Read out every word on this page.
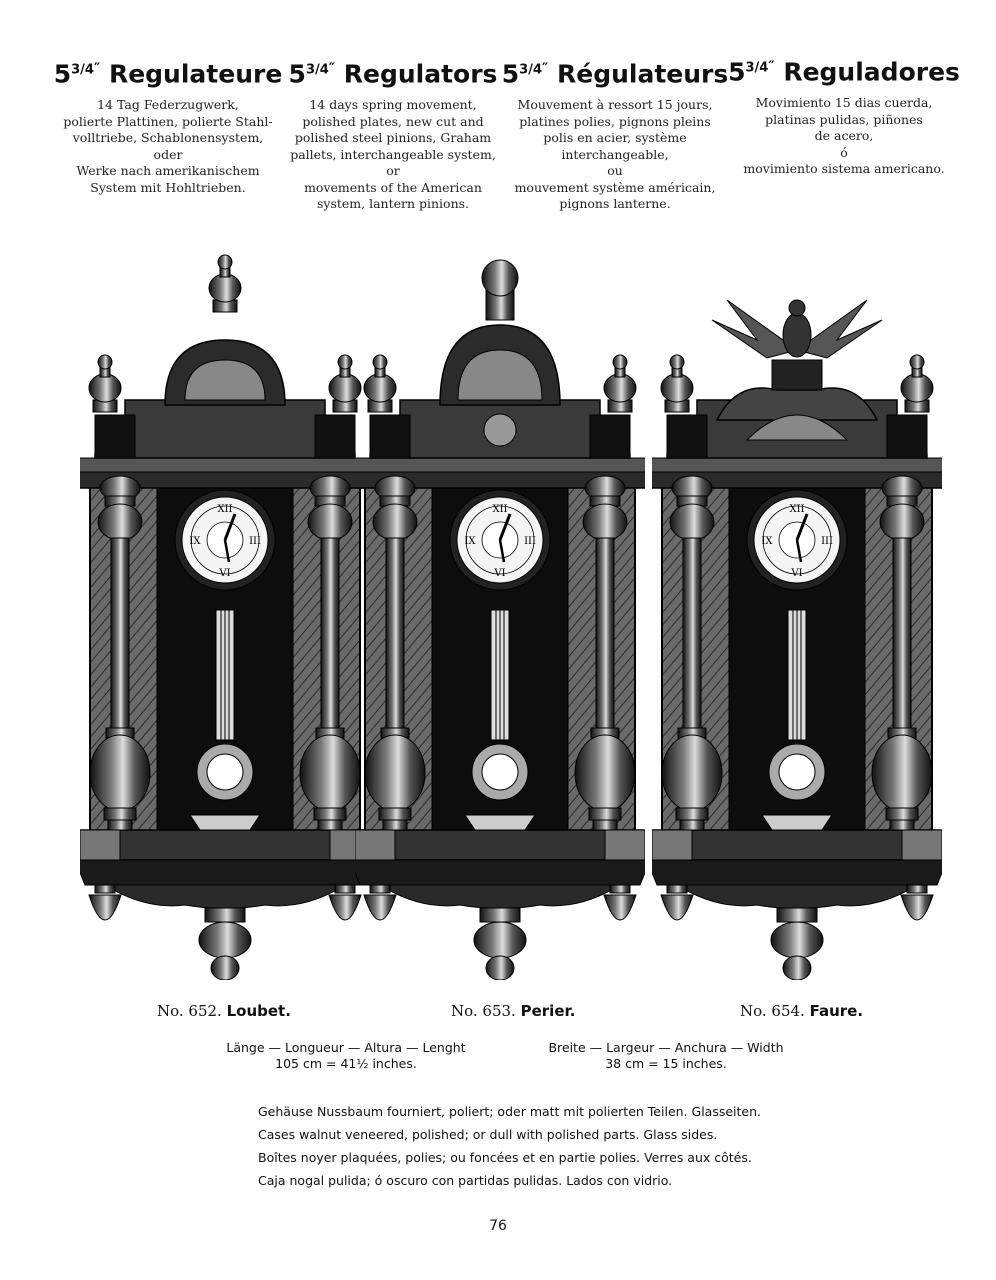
$5^{3/4''}$ Regulateure
14 Tag Federzugwerk,
polierte Plattinen, polierte Stahl-
volltriebe, Schablonensystem,
oder
Werke nach amerikanischem
System mit Hohltrieben.
$5^{3/4''}$ Regulators
14 days spring movement,
polished plates, new cut and
polished steel pinions, Graham
pallets, interchangeable system,
or
movements of the American
system, lantern pinions.
$5^{3/4''}$ Régulateurs
Mouvement à ressort 15 jours,
platines polies, pignons pleins
polis en acier, système
interchangeable,
ou
mouvement système américain,
pignons lanterne.
$5^{3/4''}$ Reguladores
Movimiento 15 dias cuerda,
platinas pulidas, piñones
de acero,
ó
movimiento sistema americano.
No. 652. Loubet.	No. 653. Perier.	No. 654. Faure.
Länge — Longueur — Altura — Lenght
105 cm = 41½ inches.
Breite — Largeur — Anchura — Width
38 cm = 15 inches.
Gehäuse Nussbaum fourniert, poliert; oder matt mit polierten Teilen. Glasseiten.
Cases walnut veneered, polished; or dull with polished parts. Glass sides.
Boîtes noyer plaquées, polies; ou foncées et en partie polies. Verres aux côtés.
Caja nogal pulida; ó oscuro con partidas pulidas. Lados con vidrio.
76
